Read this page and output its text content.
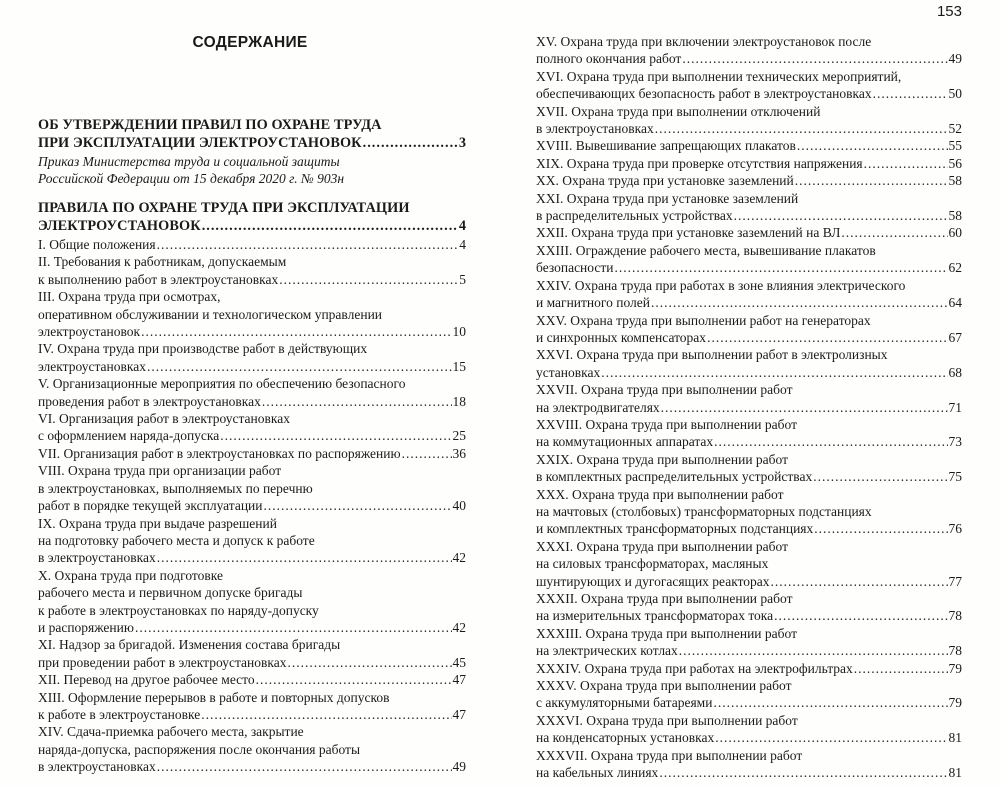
СОДЕРЖАНИЕ
ОБ УТВЕРЖДЕНИИ ПРАВИЛ ПО ОХРАНЕ ТРУДА
ПРИ ЭКСПЛУАТАЦИИ ЭЛЕКТРОУСТАНОВОК .....	3
Приказ Министерства труда и социальной защиты
Российской Федерации от 15 декабря 2020 г. № 903н
ПРАВИЛА ПО ОХРАНЕ ТРУДА ПРИ ЭКСПЛУАТАЦИИ
ЭЛЕКТРОУСТАНОВОК .....	4
I. Общие положения .....	4
II. Требования к работникам, допускаемым
к выполнению работ в электроустановках .....	5
III. Охрана труда при осмотрах,
оперативном обслуживании и технологическом управлении
электроустановок .....	10
IV. Охрана труда при производстве работ в действующих
электроустановках .....	15
V. Организационные мероприятия по обеспечению безопасного
проведения работ в электроустановках .....	18
VI. Организация работ в электроустановках
с оформлением наряда-допуска .....	25
VII. Организация работ в электроустановках по распоряжению .....	36
VIII. Охрана труда при организации работ
в электроустановках, выполняемых по перечню
работ в порядке текущей эксплуатации .....	40
IX. Охрана труда при выдаче разрешений
на подготовку рабочего места и допуск к работе
в электроустановках .....	42
X. Охрана труда при подготовке
рабочего места и первичном допуске бригады
к работе в электроустановках по наряду-допуску
и распоряжению .....	42
XI. Надзор за бригадой. Изменения состава бригады
при проведении работ в электроустановках .....	45
XII. Перевод на другое рабочее место .....	47
XIII. Оформление перерывов в работе и повторных допусков
к работе в электроустановке .....	47
XIV. Сдача-приемка рабочего места, закрытие
наряда-допуска, распоряжения после окончания работы
в электроустановках .....	49
153
XV. Охрана труда при включении электроустановок после
полного окончания работ .....	49
XVI. Охрана труда при выполнении технических мероприятий,
обеспечивающих безопасность работ в электроустановках .....	50
XVII. Охрана труда при выполнении отключений
в электроустановках .....	52
XVIII. Вывешивание запрещающих плакатов .....	55
XIX. Охрана труда при проверке отсутствия напряжения .....	56
XX. Охрана труда при установке заземлений .....	58
XXI. Охрана труда при установке заземлений
в распределительных устройствах .....	58
XXII. Охрана труда при установке заземлений на ВЛ .....	60
XXIII. Ограждение рабочего места, вывешивание плакатов
безопасности .....	62
XXIV. Охрана труда при работах в зоне влияния электрического
и магнитного полей .....	64
XXV. Охрана труда при выполнении работ на генераторах
и синхронных компенсаторах .....	67
XXVI. Охрана труда при выполнении работ в электролизных
установках .....	68
XXVII. Охрана труда при выполнении работ
на электродвигателях .....	71
XXVIII. Охрана труда при выполнении работ
на коммутационных аппаратах .....	73
XXIX. Охрана труда при выполнении работ
в комплектных распределительных устройствах .....	75
XXX. Охрана труда при выполнении работ
на мачтовых (столбовых) трансформаторных подстанциях
и комплектных трансформаторных подстанциях .....	76
XXXI. Охрана труда при выполнении работ
на силовых трансформаторах, масляных
шунтирующих и дугогасящих реакторах .....	77
XXXII. Охрана труда при выполнении работ
на измерительных трансформаторах тока .....	78
XXXIII. Охрана труда при выполнении работ
на электрических котлах .....	78
XXXIV. Охрана труда при работах на электрофильтрах .....	79
XXXV. Охрана труда при выполнении работ
с аккумуляторными батареями .....	79
XXXVI. Охрана труда при выполнении работ
на конденсаторных установках .....	81
XXXVII. Охрана труда при выполнении работ
на кабельных линиях .....	81
